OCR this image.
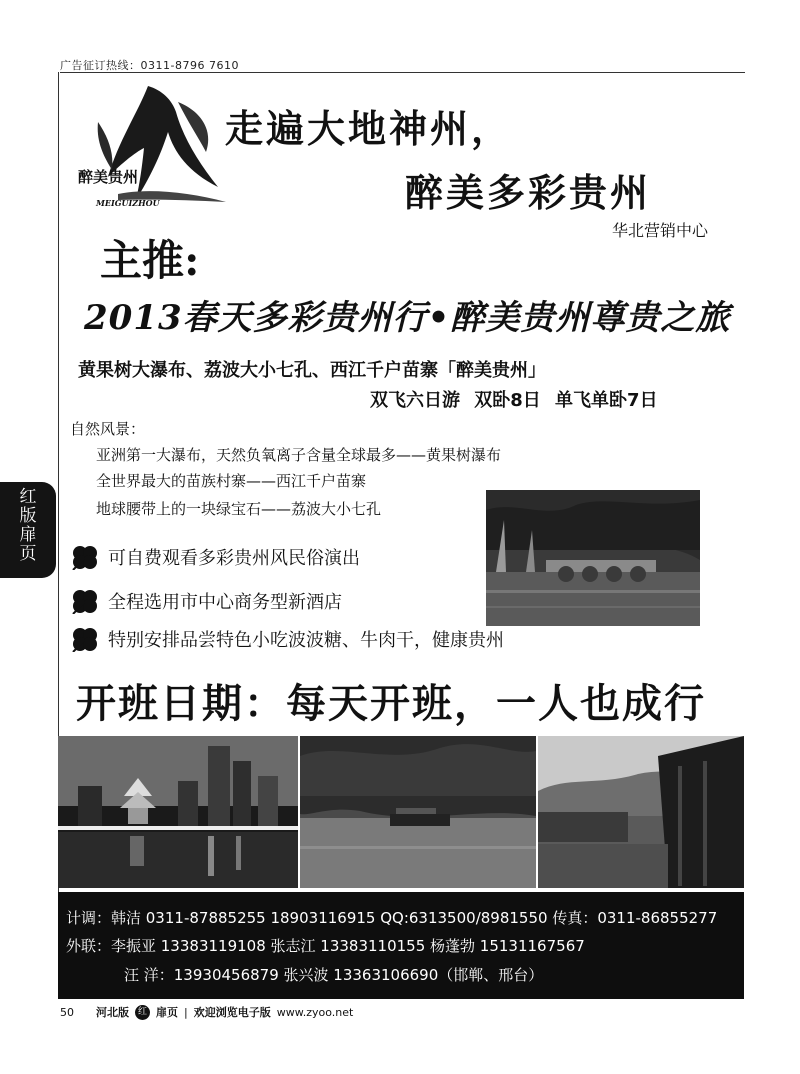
广告征订热线：0311-8796 7610
红
版
扉
页
醉美贵州
MEIGUIZHOU
走遍大地神州，
醉美多彩贵州
华北营销中心
主推:
2013春天多彩贵州行•醉美贵州尊贵之旅
黄果树大瀑布、荔波大小七孔、西江千户苗寨「醉美贵州」
双飞六日游 双卧8日 单飞单卧7日
自然风景：
亚洲第一大瀑布，天然负氧离子含量全球最多——黄果树瀑布
全世界最大的苗族村寨——西江千户苗寨
地球腰带上的一块绿宝石——荔波大小七孔
可自费观看多彩贵州风民俗演出
全程选用市中心商务型新酒店
特别安排品尝特色小吃波波糖、牛肉干，健康贵州
开班日期：每天开班，一人也成行
计调：韩洁 0311-87885255 18903116915 QQ:6313500/8981550 传真：0311-86855277
外联：李振亚 13383119108 张志江 13383110155 杨蓬勃 15131167567
汪 洋：13930456879 张兴波 13363106690（邯郸、邢台）
50 河北版 红 扉页 | 欢迎浏览电子版 www.zyoo.net
